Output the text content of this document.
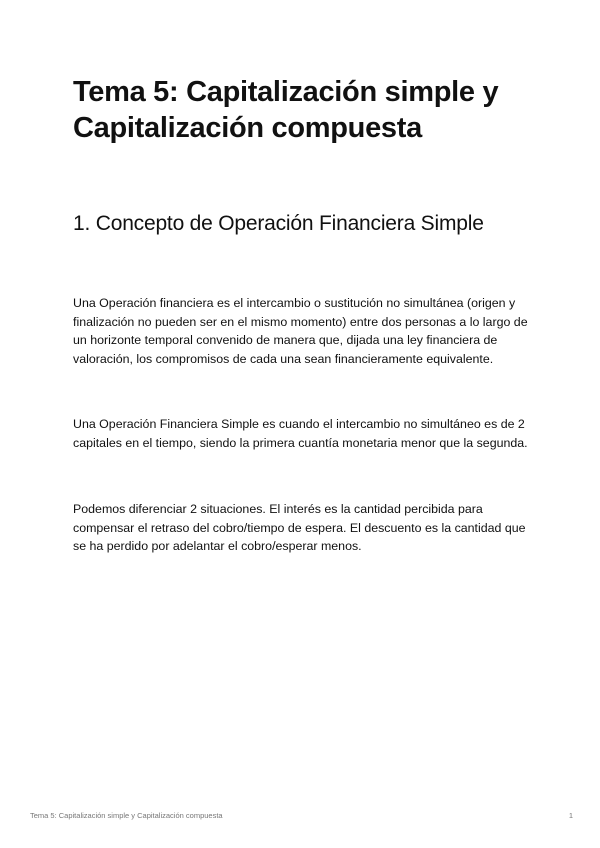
Tema 5: Capitalización simple y Capitalización compuesta
1. Concepto de Operación Financiera Simple

Una Operación financiera es el intercambio o sustitución no simultánea (origen y finalización no pueden ser en el mismo momento) entre dos personas a lo largo de un horizonte temporal convenido de manera que, dijada una ley financiera de valoración, los compromisos de cada una sean financieramente equivalente.

Una Operación Financiera Simple es cuando el intercambio no simultáneo es de 2 capitales en el tiempo, siendo la primera cuantía monetaria menor que la segunda.

Podemos diferenciar 2 situaciones. El interés es la cantidad percibida para compensar el retraso del cobro/tiempo de espera. El descuento es la cantidad que se ha perdido por adelantar el cobro/esperar menos.

Tema 5: Capitalización simple y Capitalización compuesta	1
